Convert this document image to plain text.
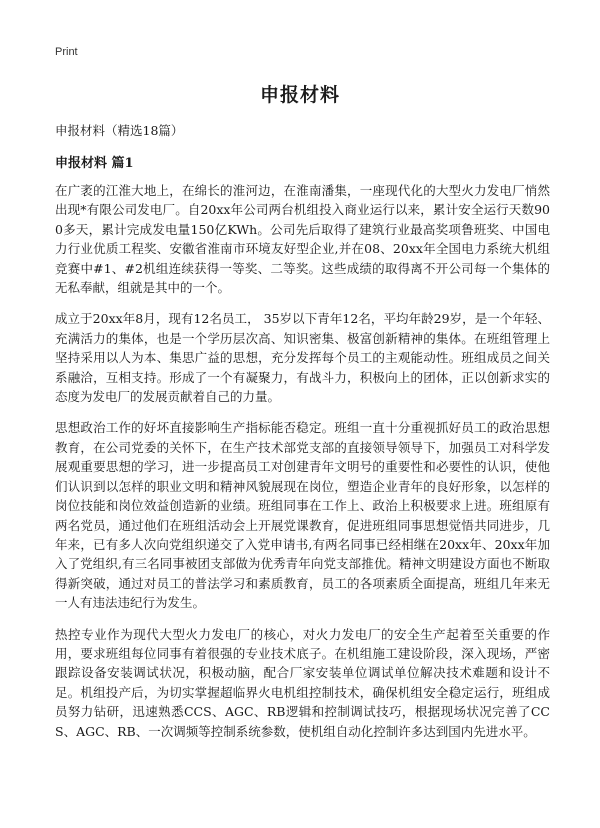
Print
申报材料
申报材料（精选18篇）
申报材料 篇1

在广袤的江淮大地上，在绵长的淮河边，在淮南潘集，一座现代化的大型火力发电厂悄然出现*有限公司发电厂。自20xx年公司两台机组投入商业运行以来，累计安全运行天数900多天，累计完成发电量150亿KWh。公司先后取得了建筑行业最高奖项鲁班奖、中国电力行业优质工程奖、安徽省淮南市环境友好型企业,并在08、20xx年全国电力系统大机组竞赛中#1、#2机组连续获得一等奖、二等奖。这些成绩的取得离不开公司每一个集体的无私奉献，组就是其中的一个。

成立于20xx年8月，现有12名员工， 35岁以下青年12名，平均年龄29岁，是一个年轻、充满活力的集体，也是一个学历层次高、知识密集、极富创新精神的集体。在班组管理上坚持采用以人为本、集思广益的思想，充分发挥每个员工的主观能动性。班组成员之间关系融洽，互相支持。形成了一个有凝聚力，有战斗力，积极向上的团体，正以创新求实的态度为发电厂的发展贡献着自己的力量。

思想政治工作的好坏直接影响生产指标能否稳定。班组一直十分重视抓好员工的政治思想教育，在公司党委的关怀下，在生产技术部党支部的直接领导领导下，加强员工对科学发展观重要思想的学习，进一步提高员工对创建青年文明号的重要性和必要性的认识，使他们认识到以怎样的职业文明和精神风貌展现在岗位，塑造企业青年的良好形象，以怎样的岗位技能和岗位效益创造新的业绩。班组同事在工作上、政治上积极要求上进。班组原有两名党员，通过他们在班组活动会上开展党课教育，促进班组同事思想觉悟共同进步，几年来，已有多人次向党组织递交了入党申请书,有两名同事已经相继在20xx年、20xx年加入了党组织,有三名同事被团支部做为优秀青年向党支部推优。精神文明建设方面也不断取得新突破，通过对员工的普法学习和素质教育，员工的各项素质全面提高，班组几年来无一人有违法违纪行为发生。

热控专业作为现代大型火力发电厂的核心，对火力发电厂的安全生产起着至关重要的作用，要求班组每位同事有着很强的专业技术底子。在机组施工建设阶段，深入现场，严密跟踪设备安装调试状况，积极动脑，配合厂家安装单位调试单位解决技术难题和设计不足。机组投产后，为切实掌握超临界火电机组控制技术，确保机组安全稳定运行，班组成员努力钻研，迅速熟悉CCS、AGC、RB逻辑和控制调试技巧，根据现场状况完善了CCS、AGC、RB、一次调频等控制系统参数，使机组自动化控制许多达到国内先进水平。
